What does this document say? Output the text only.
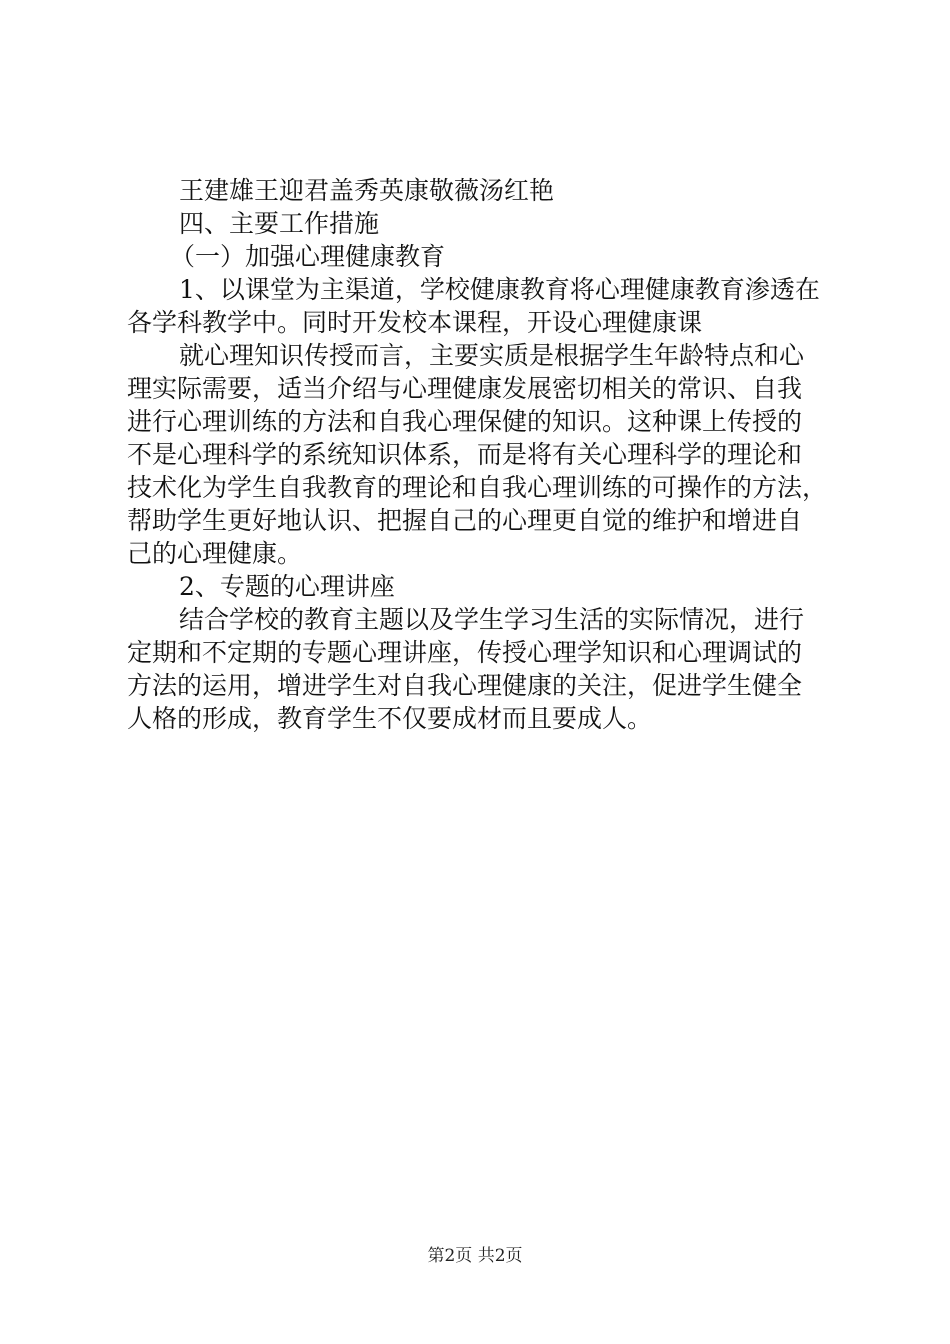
王建雄王迎君盖秀英康敬薇汤红艳

四、主要工作措施

（一）加强心理健康教育

1、以课堂为主渠道，学校健康教育将心理健康教育渗透在

各学科教学中。同时开发校本课程，开设心理健康课

就心理知识传授而言，主要实质是根据学生年龄特点和心

理实际需要，适当介绍与心理健康发展密切相关的常识、自我

进行心理训练的方法和自我心理保健的知识。这种课上传授的

不是心理科学的系统知识体系，而是将有关心理科学的理论和

技术化为学生自我教育的理论和自我心理训练的可操作的方法，

帮助学生更好地认识、把握自己的心理更自觉的维护和增进自

己的心理健康。

2、专题的心理讲座

结合学校的教育主题以及学生学习生活的实际情况，进行

定期和不定期的专题心理讲座，传授心理学知识和心理调试的

方法的运用，增进学生对自我心理健康的关注，促进学生健全

人格的形成，教育学生不仅要成材而且要成人。

第2页 共2页
